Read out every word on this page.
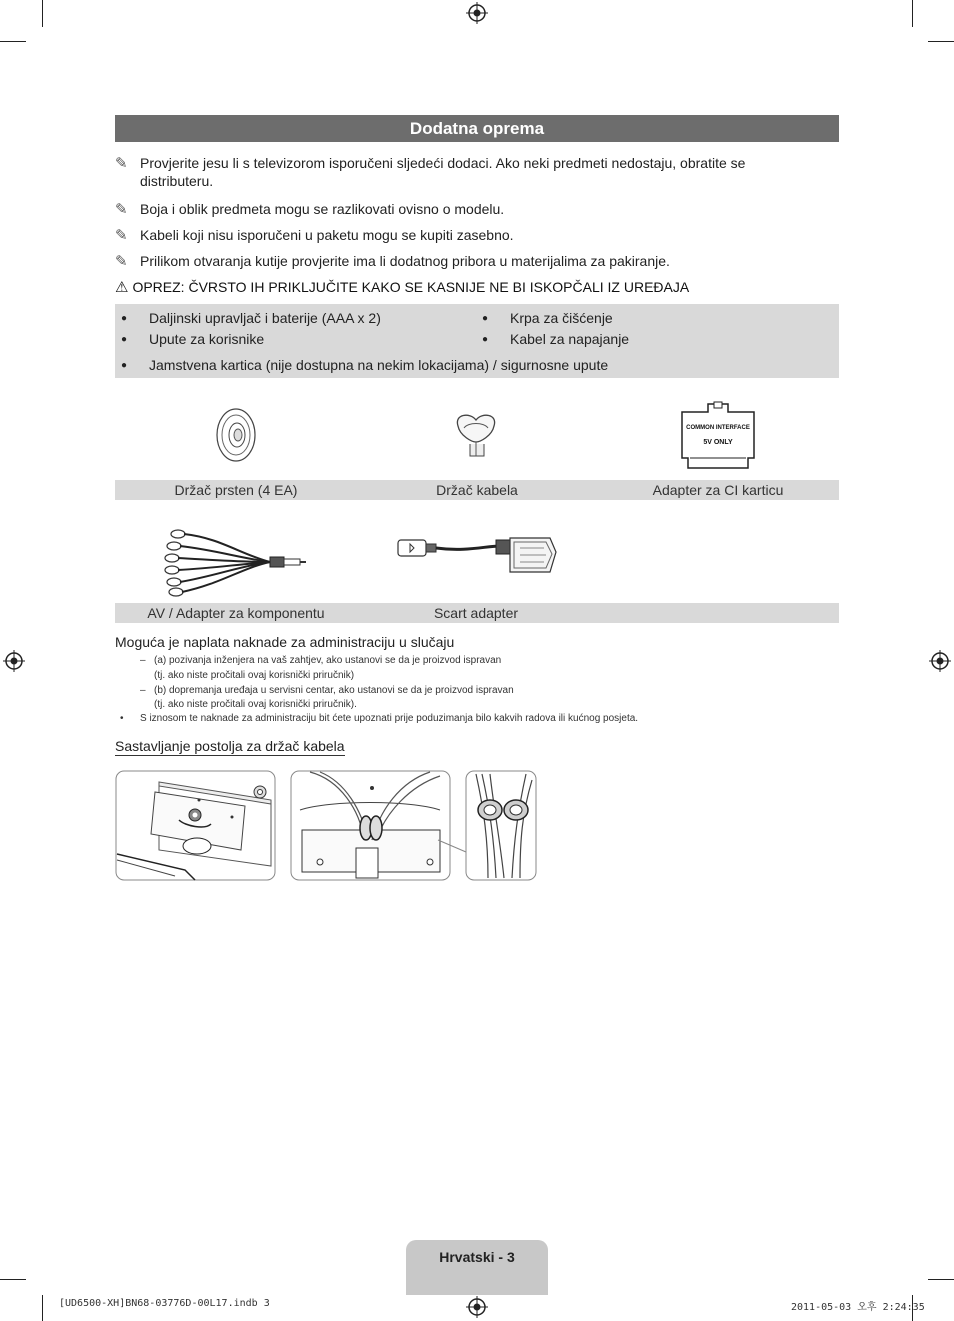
Dodatna oprema
✎ Provjerite jesu li s televizorom isporučeni sljedeći dodaci. Ako neki predmeti nedostaju, obratite se distributeru.
✎ Boja i oblik predmeta mogu se razlikovati ovisno o modelu.
✎ Kabeli koji nisu isporučeni u paketu mogu se kupiti zasebno.
✎ Prilikom otvaranja kutije provjerite ima li dodatnog pribora u materijalima za pakiranje.
⚠ OPREZ: ČVRSTO IH PRIKLJUČITE KAKO SE KASNIJE NE BI ISKOPČALI IZ UREĐAJA
● Daljinski upravljač i baterije (AAA x 2)
● Upute za korisnike
● Krpa za čišćenje
● Kabel za napajanje
● Jamstvena kartica (nije dostupna na nekim lokacijama) / sigurnosne upute
COMMON INTERFACE
5V ONLY
Držač prsten (4 EA)	Držač kabela	Adapter za CI karticu
AV / Adapter za komponentu	Scart adapter
Moguća je naplata naknade za administraciju u slučaju
– (a) pozivanja inženjera na vaš zahtjev, ako ustanovi se da je proizvod ispravan
(tj. ako niste pročitali ovaj korisnički priručnik)
– (b) dopremanja uređaja u servisni centar, ako ustanovi se da je proizvod ispravan
(tj. ako niste pročitali ovaj korisnički priručnik).
• S iznosom te naknade za administraciju bit ćete upoznati prije poduzimanja bilo kakvih radova ili kućnog posjeta.
Sastavljanje postolja za držač kabela
Hrvatski - 3
[UD6500-XH]BN68-03776D-00L17.indb 3	2011-05-03 오후 2:24:35
